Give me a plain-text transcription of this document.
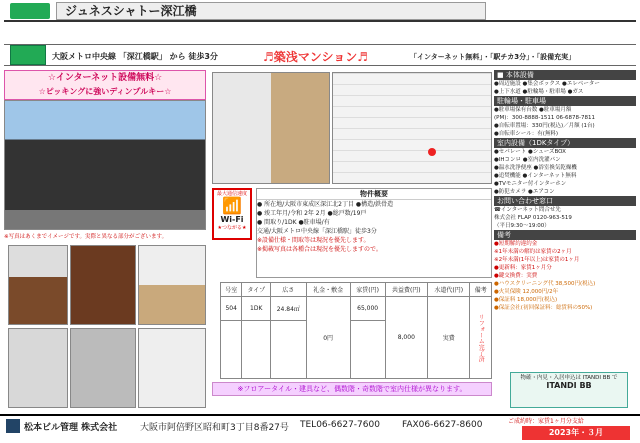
ジュネスシャトー深江橋
大阪メトロ中央線 「深江橋駅」 から 徒歩3分	♬築浅マンション♬	「インターネット無料」・「駅チカ3分」・「設備充実」
☆インターネット設備無料☆
☆ピッキングに強いディンプルキー☆
※写真はあくまでイメージです。実際と異なる部分がございます。
最大通信速度
📶
Wi-Fi
★つながる★
物件概要
● 所在地/大阪市東成区深江北2丁目 ●構造/鉄骨造
● 竣工年月/令和 2年 2月 ●総戸数/19戸
● 間取り/1DK ●駐車場/有
交通/大阪メトロ中央線「深江橋駅」徒歩3分
※設備仕様・間取等は現況を優先します。
※掲載写真は各種合は現況を優先しますので。
号室	タイプ	広さ	礼金・敷金	家賃(円)	共益費(円)	水道代(円)	備考
504	1DK	24.84㎡	0円	65,000	8,000	実費	リフォーム完了済

※フロアータイル・建具など、偶数階・奇数階で室内仕様が異なります。
■ 本体設備
●周辺施設 ●集会ボックス ●エレベーター
●上下水道 ●駐輪場・駐車場 ●ガス
駐輪場・駐車場
●駐車場保有台数 ●駐車場月額
(PM)：300-8888-1511 06-6878-7811
●自転車置場：330円(税込)／月額 (1台)
●自転車シール：有(無料)
室内設備（1DKタイプ）
●セパレート ●シューズBOX
●IHコンロ ●室内洗濯パン
●温水洗浄便座 ●浴室換気乾燥機
●追焚機能 ●インターネット無料
●TVモニター付インターホン
●防犯カメラ ●エアコン
お問い合わせ窓口
☎インターネット問合せ先
株式会社 FLAP 0120-963-519
（平日9:30～19:00）
備考
●短期解約違約金
※1年未満の解約は家賃の2ヶ月
※2年未満(1年以上)は家賃の1ヶ月
●更新料：家賃1ヶ月分
●鍵交換費：実費
●ハウスクリーニング代 38,500円(税込)
●火災保険 12,000円/2年
●保証料 18,000円(税込)
●保証会社(初回保証料：総賃料の50%)
物確・内見・入居申込は ITANDI BB で
ITANDI BB
松本ビル管理 株式会社	大阪市阿倍野区昭和町3丁目8番27号 TEL06-6627-7600 FAX06-6627-8600	ご成約時：家賃1ヶ月分支給
2023年・３月
